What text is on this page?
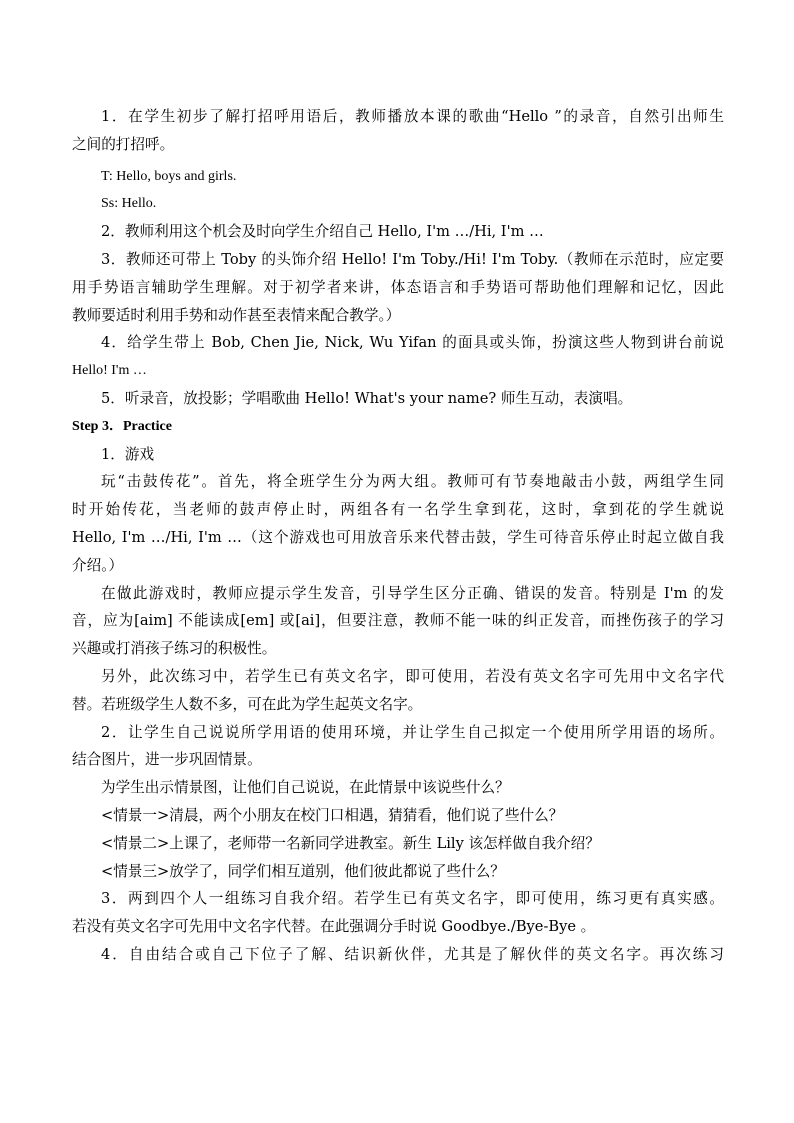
1．在学生初步了解打招呼用语后，教师播放本课的歌曲“Hello ”的录音，自然引出师生
之间的打招呼。
T: Hello, boys and girls.
Ss: Hello.
2．教师利用这个机会及时向学生介绍自己 Hello, I'm …/Hi, I'm …
3．教师还可带上 Toby 的头饰介绍 Hello! I'm Toby./Hi! I'm Toby.（教师在示范时，应定要
用手势语言辅助学生理解。对于初学者来讲，体态语言和手势语可帮助他们理解和记忆，因此
教师要适时利用手势和动作甚至表情来配合教学。）
4．给学生带上 Bob, Chen Jie, Nick, Wu Yifan 的面具或头饰，扮演这些人物到讲台前说
Hello! I'm …
5．听录音，放投影；学唱歌曲 Hello! What's your name? 师生互动，表演唱。
Step 3．Practice
1．游戏
玩“击鼓传花”。首先，将全班学生分为两大组。教师可有节奏地敲击小鼓，两组学生同
时开始传花，当老师的鼓声停止时，两组各有一名学生拿到花，这时，拿到花的学生就说
Hello, I'm …/Hi, I'm …（这个游戏也可用放音乐来代替击鼓，学生可待音乐停止时起立做自我
介绍。）
在做此游戏时，教师应提示学生发音，引导学生区分正确、错误的发音。特别是 I'm 的发
音，应为[aim] 不能读成[em] 或[ai]，但要注意，教师不能一味的纠正发音，而挫伤孩子的学习
兴趣或打消孩子练习的积极性。
另外，此次练习中，若学生已有英文名字，即可使用，若没有英文名字可先用中文名字代
替。若班级学生人数不多，可在此为学生起英文名字。
2．让学生自己说说所学用语的使用环境，并让学生自己拟定一个使用所学用语的场所。
结合图片，进一步巩固情景。
为学生出示情景图，让他们自己说说，在此情景中该说些什么？
<情景一>清晨，两个小朋友在校门口相遇，猜猜看，他们说了些什么？
<情景二>上课了，老师带一名新同学进教室。新生 Lily 该怎样做自我介绍？
<情景三>放学了，同学们相互道别，他们彼此都说了些什么？
3．两到四个人一组练习自我介绍。若学生已有英文名字，即可使用，练习更有真实感。
若没有英文名字可先用中文名字代替。在此强调分手时说 Goodbye./Bye-Bye 。
4．自由结合或自己下位子了解、结识新伙伴，尤其是了解伙伴的英文名字。再次练习
